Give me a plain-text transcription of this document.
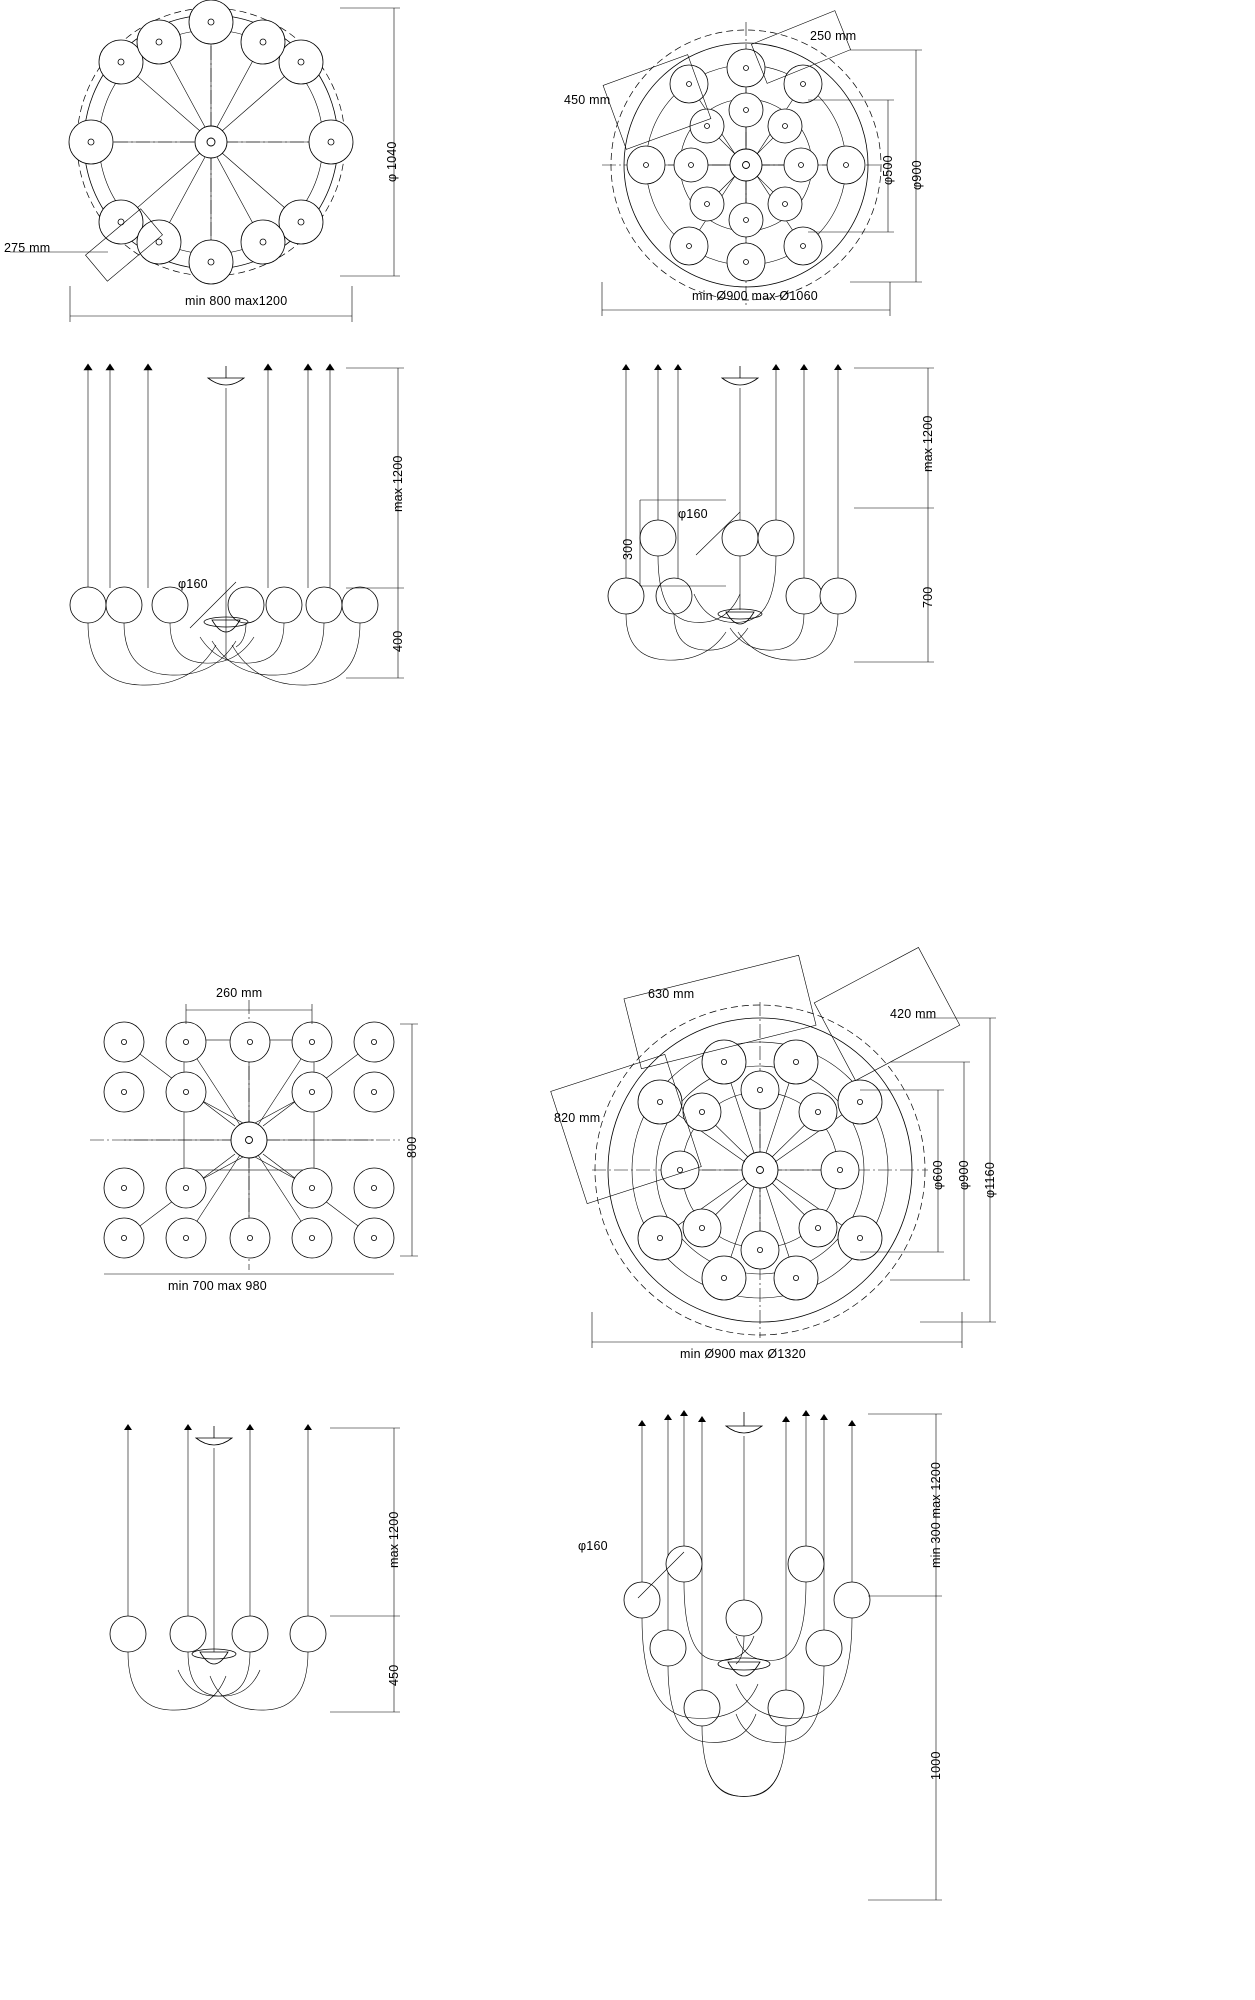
275 mm
φ 1040
min 800 max1200
250 mm
450 mm
φ500 φ900
min Ø900 max Ø1060
φ160
max 1200
400
φ160
300
max 1200
700
260 mm
800
min 700 max 980
630 mm
420 mm
820 mm
φ600 φ900 φ1160
min Ø900 max Ø1320
max 1200
450
φ160	min 300 max 1200
1000
